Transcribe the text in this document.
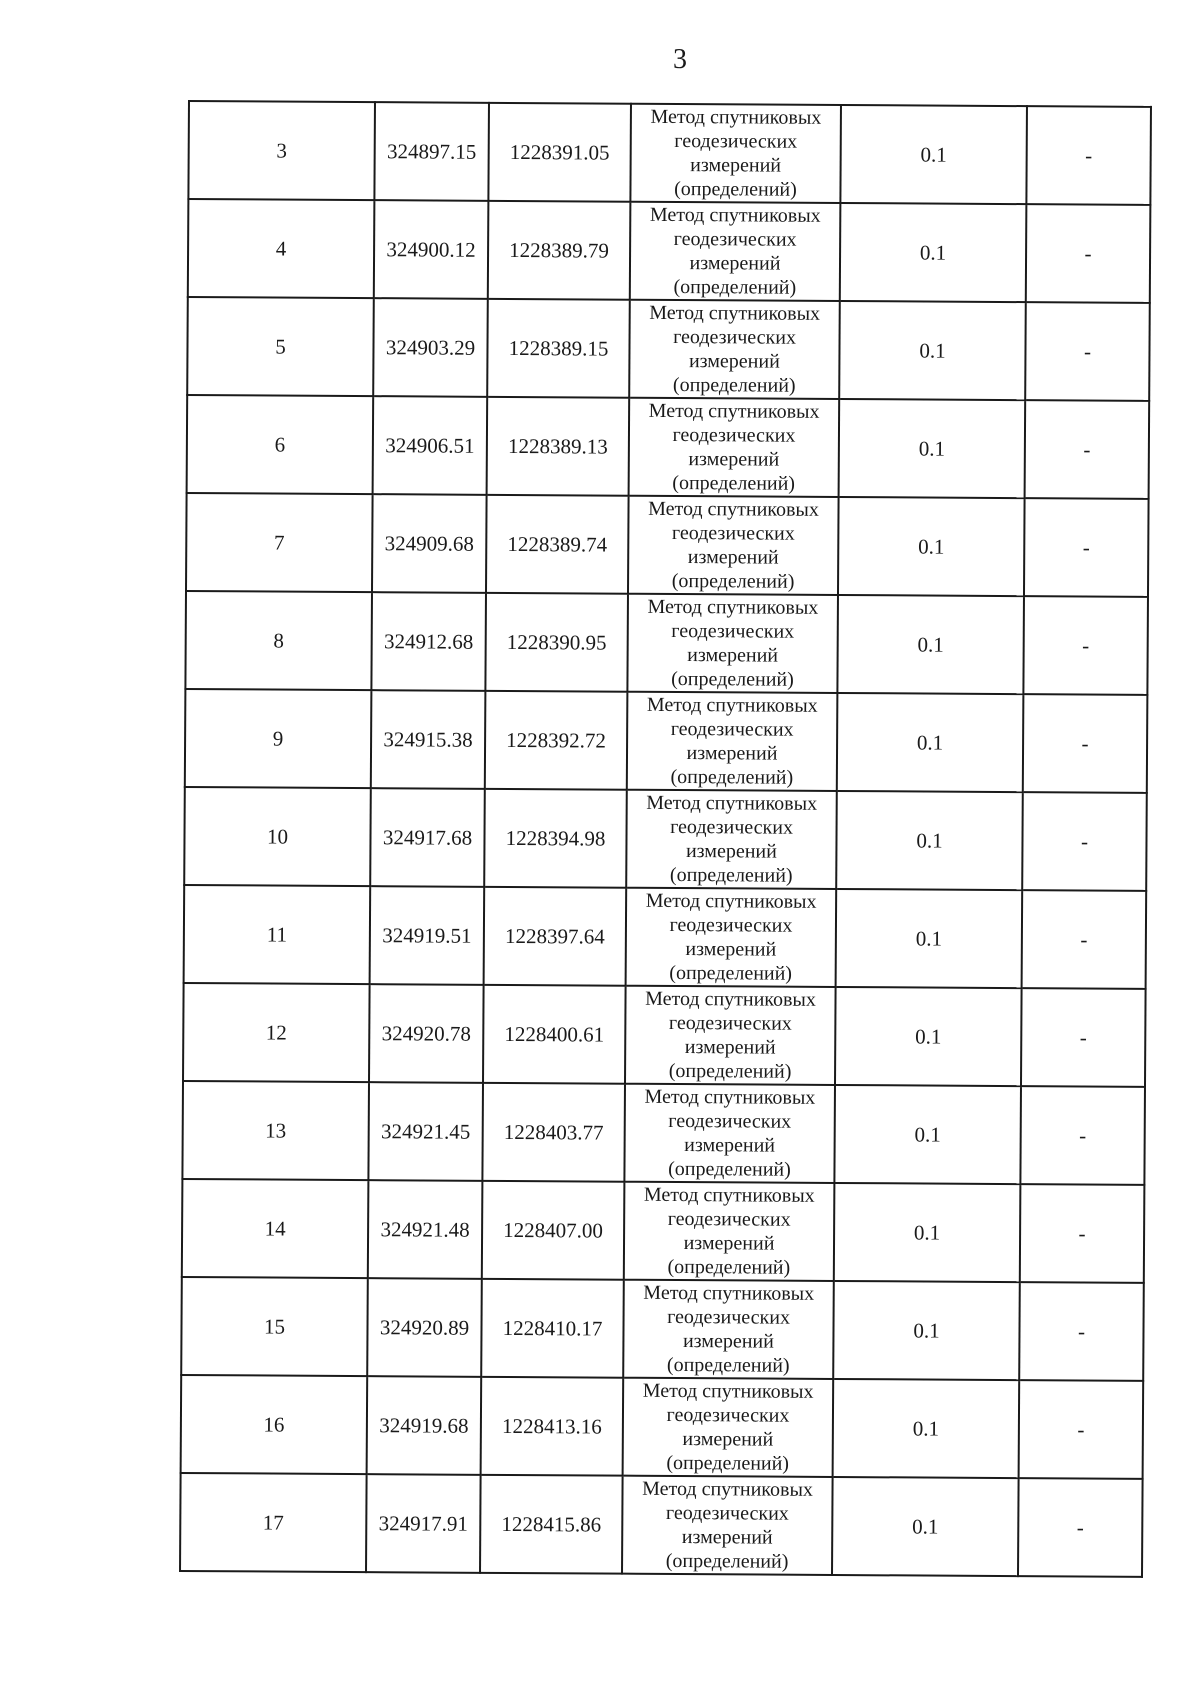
3
3	324897.15	1228391.05	Метод спутниковых
геодезических
измерений
(определений)	0.1	-
4	324900.12	1228389.79	Метод спутниковых
геодезических
измерений
(определений)	0.1	-
5	324903.29	1228389.15	Метод спутниковых
геодезических
измерений
(определений)	0.1	-
6	324906.51	1228389.13	Метод спутниковых
геодезических
измерений
(определений)	0.1	-
7	324909.68	1228389.74	Метод спутниковых
геодезических
измерений
(определений)	0.1	-
8	324912.68	1228390.95	Метод спутниковых
геодезических
измерений
(определений)	0.1	-
9	324915.38	1228392.72	Метод спутниковых
геодезических
измерений
(определений)	0.1	-
10	324917.68	1228394.98	Метод спутниковых
геодезических
измерений
(определений)	0.1	-
11	324919.51	1228397.64	Метод спутниковых
геодезических
измерений
(определений)	0.1	-
12	324920.78	1228400.61	Метод спутниковых
геодезических
измерений
(определений)	0.1	-
13	324921.45	1228403.77	Метод спутниковых
геодезических
измерений
(определений)	0.1	-
14	324921.48	1228407.00	Метод спутниковых
геодезических
измерений
(определений)	0.1	-
15	324920.89	1228410.17	Метод спутниковых
геодезических
измерений
(определений)	0.1	-
16	324919.68	1228413.16	Метод спутниковых
геодезических
измерений
(определений)	0.1	-
17	324917.91	1228415.86	Метод спутниковых
геодезических
измерений
(определений)	0.1	-
